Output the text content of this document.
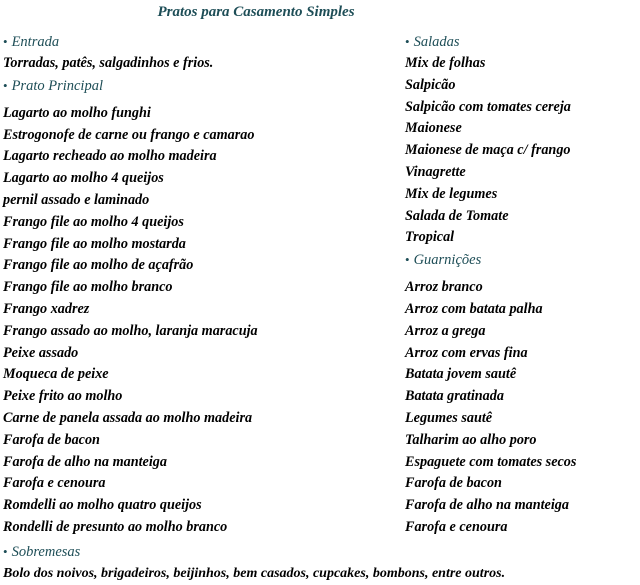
Pratos para Casamento Simples
• Entrada
Torradas, patês, salgadinhos e frios.
• Prato Principal
Lagarto ao molho funghi
Estrogonofe de carne ou frango e camarao
Lagarto recheado ao molho madeira
Lagarto ao molho 4 queijos
pernil assado e laminado
Frango file ao molho 4 queijos
Frango file ao molho mostarda
Frango file ao molho de açafrão
Frango file ao molho branco
Frango xadrez
Frango assado ao molho, laranja maracuja
Peixe assado
Moqueca de peixe
Peixe frito ao molho
Carne de panela assada ao molho madeira
Farofa de bacon
Farofa de alho na manteiga
Farofa e cenoura
Romdelli ao molho quatro queijos
Rondelli de presunto ao molho branco
• Saladas
Mix de folhas
Salpicão
Salpicão com tomates cereja
Maionese
Maionese de maça c/ frango
Vinagrette
Mix de legumes
Salada de Tomate
Tropical
• Guarnições
Arroz branco
Arroz com batata palha
Arroz a grega
Arroz com ervas fina
Batata jovem sautê
Batata gratinada
Legumes sautê
Talharim ao alho poro
Espaguete com tomates secos
Farofa de bacon
Farofa de alho na manteiga
Farofa e cenoura
• Sobremesas
Bolo dos noivos, brigadeiros, beijinhos, bem casados, cupcakes, bombons, entre outros.
